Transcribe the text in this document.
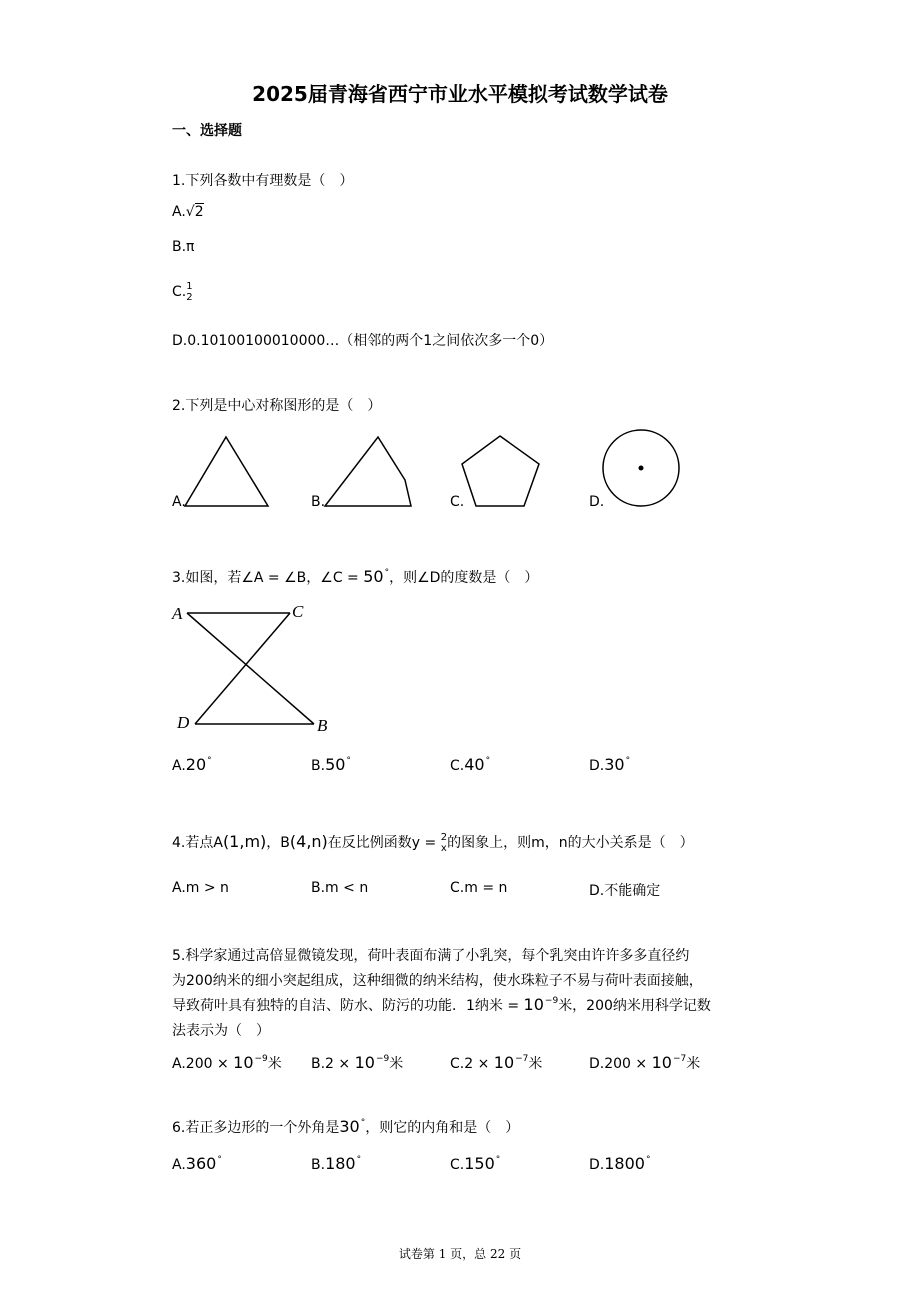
2025届青海省西宁市业水平模拟考试数学试卷
一、选择题
1.下列各数中有理数是（　）
A.√2
B.π
C. 1
2
D.0.10100100010000…（相邻的两个1之间依次多一个0）
2.下列是中心对称图形的是（　）
A.	B.	C.	D.
3.如图，若∠A = ∠B，∠C = 50°，则∠D的度数是（　）
A	C
D	B
A.20°	B.50°	C.40°	D.30°
4.若点A(1,m)，B(4,n)在反比例函数y = 2
x 的图象上，则m，n的大小关系是（　）
A.m > n	B.m < n	C.m = n	D.不能确定
5.科学家通过高倍显微镜发现，荷叶表面布满了小乳突，每个乳突由许许多多直径约
为200纳米的细小突起组成，这种细微的纳米结构，使水珠粒子不易与荷叶表面接触，
导致荷叶具有独特的自洁、防水、防污的功能．1纳米 = $10^{-9}$米，200纳米用科学记数
法表示为（　）
$A.200 \times 10^{-9}$米 $B.2 \times 10^{-9}$米	$C.2 \times 10^{-7}$米	$D.200 \times 10^{-7}$米
6.若正多边形的一个外角是30°，则它的内角和是（　）
A.360°	B.180°	C.150°	D.1800°
试卷第 1 页，总 22 页
